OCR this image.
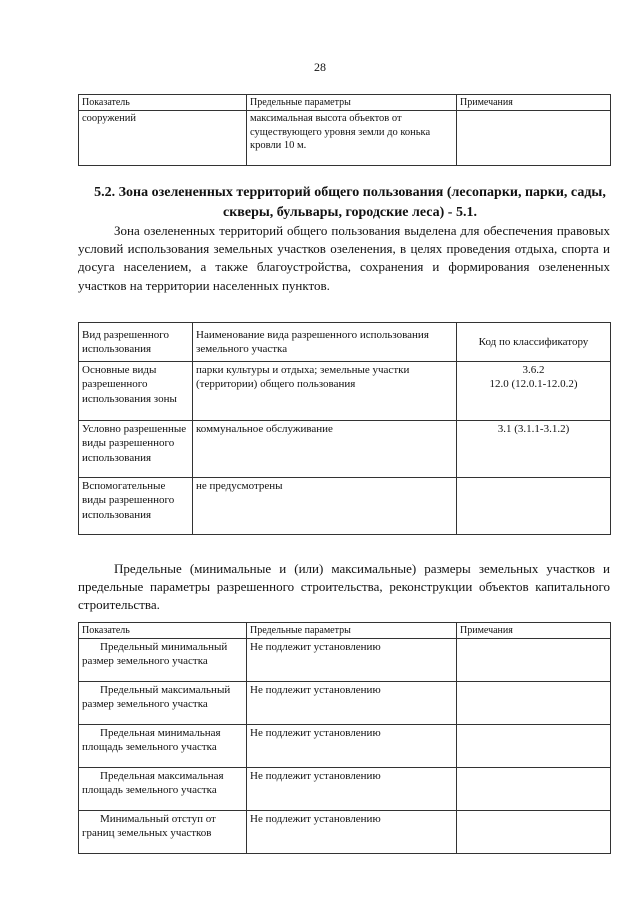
28
Показатель	Предельные параметры	Примечания
сооружений	максимальная высота объектов от существующего уровня земли до конька кровли 10 м.	
5.2. Зона озелененных территорий общего пользования (лесопарки, парки, сады, скверы, бульвары, городские леса) - 5.1.
Зона озелененных территорий общего пользования выделена для обеспечения правовых условий использования земельных участков озеленения, в целях проведения отдыха, спорта и досуга населением, а также благоустройства, сохранения и формирования озелененных участков на территории населенных пунктов.
Вид разрешенного использования	Наименование вида разрешенного использования земельного участка	Код по классификатору
Основные виды разрешенного использования зоны	парки культуры и отдыха; земельные участки (территории) общего пользования	3.6.2
12.0 (12.0.1-12.0.2)

Условно разрешенные виды разрешенного использования	коммунальное обслуживание	3.1 (3.1.1-3.1.2)

Вспомогательные виды разрешенного использования	не предусмотрены	
Предельные (минимальные и (или) максимальные) размеры земельных участков и предельные параметры разрешенного строительства, реконструкции объектов капитального строительства.
Показатель	Предельные параметры	Примечания
Предельный минимальный размер земельного участка	Не подлежит установлению	
Предельный максимальный размер земельного участка	Не подлежит установлению	
Предельная минимальная площадь земельного участка	Не подлежит установлению	
Предельная максимальная площадь земельного участка	Не подлежит установлению	
Минимальный отступ от границ земельных участков	Не подлежит установлению	
